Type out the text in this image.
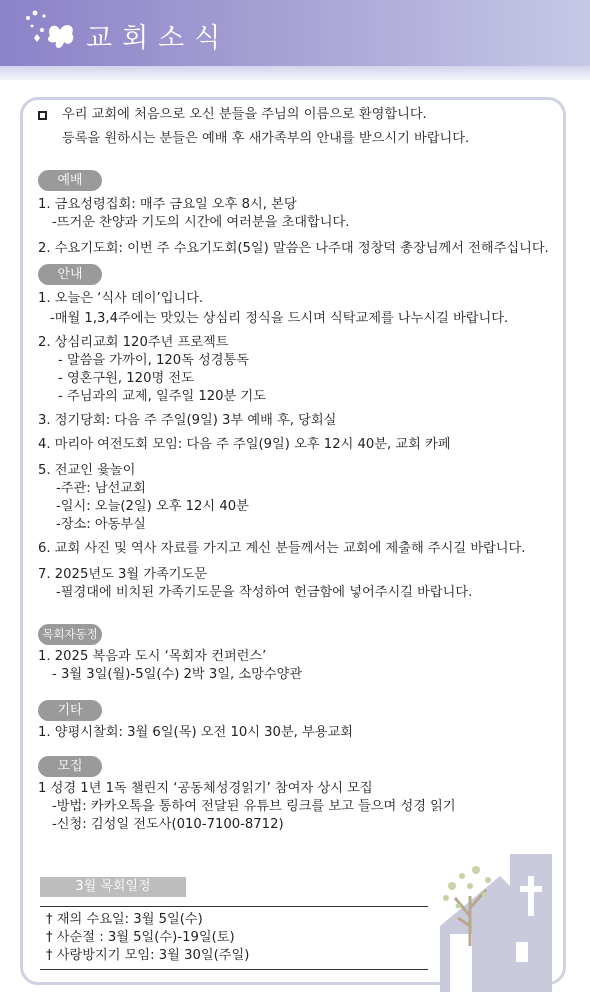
교회소식
우리 교회에 처음으로 오신 분들을 주님의 이름으로 환영합니다.
등록을 원하시는 분들은 예배 후 새가족부의 안내를 받으시기 바랍니다.
예배
1. 금요성령집회: 매주 금요일 오후 8시, 본당
-뜨거운 찬양과 기도의 시간에 여러분을 초대합니다.
2. 수요기도회: 이번 주 수요기도회(5일) 말씀은 나주대 정창덕 총장님께서 전해주십니다.
안내
1. 오늘은 ‘식사 데이’입니다.
-매월 1,3,4주에는 맛있는 상심리 정식을 드시며 식탁교제를 나누시길 바랍니다.
2. 상심리교회 120주년 프로젝트
- 말씀을 가까이, 120독 성경통독
- 영혼구원, 120명 전도
- 주님과의 교제, 일주일 120분 기도
3. 정기당회: 다음 주 주일(9일) 3부 예배 후, 당회실
4. 마리아 여전도회 모임: 다음 주 주일(9일) 오후 12시 40분, 교회 카페
5. 전교인 윷놀이
-주관: 남선교회
-일시: 오늘(2일) 오후 12시 40분
-장소: 아동부실
6. 교회 사진 및 역사 자료를 가지고 계신 분들께서는 교회에 제출해 주시길 바랍니다.
7. 2025년도 3월 가족기도문
-필경대에 비치된 가족기도문을 작성하여 헌금함에 넣어주시길 바랍니다.
목회자동정
1. 2025 복음과 도시 ‘목회자 컨퍼런스’
- 3월 3일(월)-5일(수) 2박 3일, 소망수양관
기타
1. 양평시찰회: 3월 6일(목) 오전 10시 30분, 부용교회
모집
1 성경 1년 1독 챌린지 ‘공동체성경읽기’ 참여자 상시 모집
-방법: 카카오톡을 통하여 전달된 유튜브 링크를 보고 들으며 성경 읽기
-신청: 김성일 전도사(010-7100-8712)
3월 목회일정
† 재의 수요일: 3월 5일(수)
† 사순절 : 3월 5일(수)-19일(토)
† 사랑방지기 모임: 3월 30일(주일)
